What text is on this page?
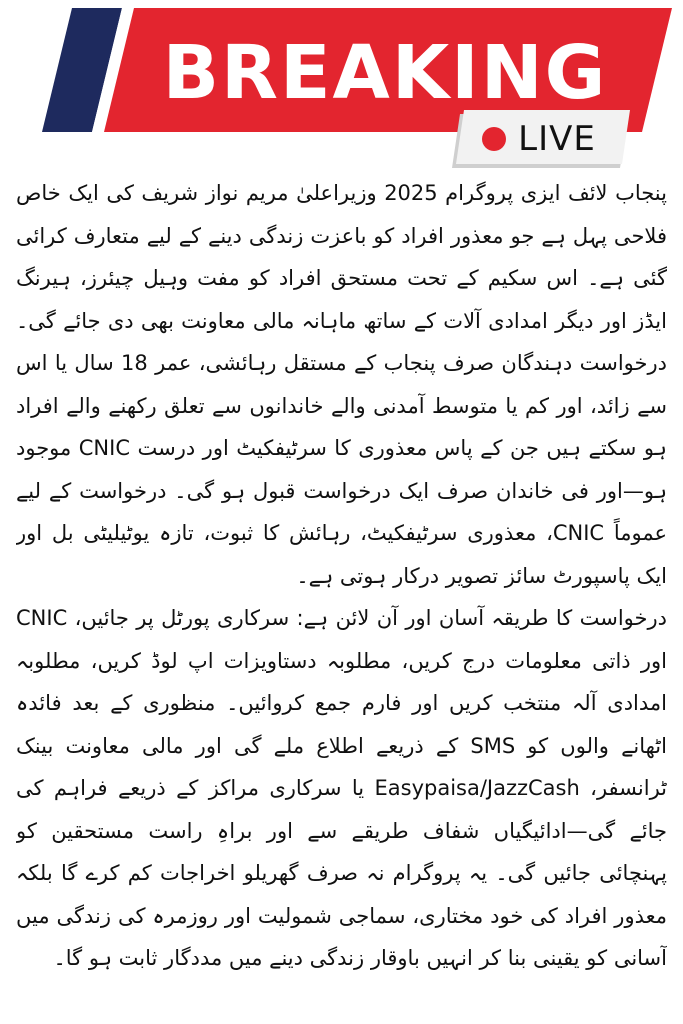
BREAKING
LIVE

پنجاب لائف ایزی پروگرام 2025 وزیراعلیٰ مریم نواز شریف کی ایک خاص فلاحی پہل ہے جو معذور افراد کو باعزت زندگی دینے کے لیے متعارف کرائی گئی ہے۔ اس سکیم کے تحت مستحق افراد کو مفت وہیل چیئرز، ہیرنگ ایڈز اور دیگر امدادی آلات کے ساتھ ماہانہ مالی معاونت بھی دی جائے گی۔ درخواست دہندگان صرف پنجاب کے مستقل رہائشی، عمر 18 سال یا اس سے زائد، اور کم یا متوسط آمدنی والے خاندانوں سے تعلق رکھنے والے افراد ہو سکتے ہیں جن کے پاس معذوری کا سرٹیفکیٹ اور درست CNIC موجود ہو—اور فی خاندان صرف ایک درخواست قبول ہو گی۔ درخواست کے لیے عموماً CNIC، معذوری سرٹیفکیٹ، رہائش کا ثبوت، تازہ یوٹیلیٹی بل اور ایک پاسپورٹ سائز تصویر درکار ہوتی ہے۔

درخواست کا طریقہ آسان اور آن لائن ہے: سرکاری پورٹل پر جائیں، CNIC اور ذاتی معلومات درج کریں، مطلوبہ دستاویزات اپ لوڈ کریں، مطلوبہ امدادی آلہ منتخب کریں اور فارم جمع کروائیں۔ منظوری کے بعد فائدہ اٹھانے والوں کو SMS کے ذریعے اطلاع ملے گی اور مالی معاونت بینک ٹرانسفر، Easypaisa/JazzCash یا سرکاری مراکز کے ذریعے فراہم کی جائے گی—ادائیگیاں شفاف طریقے سے اور براہِ راست مستحقین کو پہنچائی جائیں گی۔ یہ پروگرام نہ صرف گھریلو اخراجات کم کرے گا بلکہ معذور افراد کی خود مختاری، سماجی شمولیت اور روزمرہ کی زندگی میں آسانی کو یقینی بنا کر انہیں باوقار زندگی دینے میں مددگار ثابت ہو گا۔
